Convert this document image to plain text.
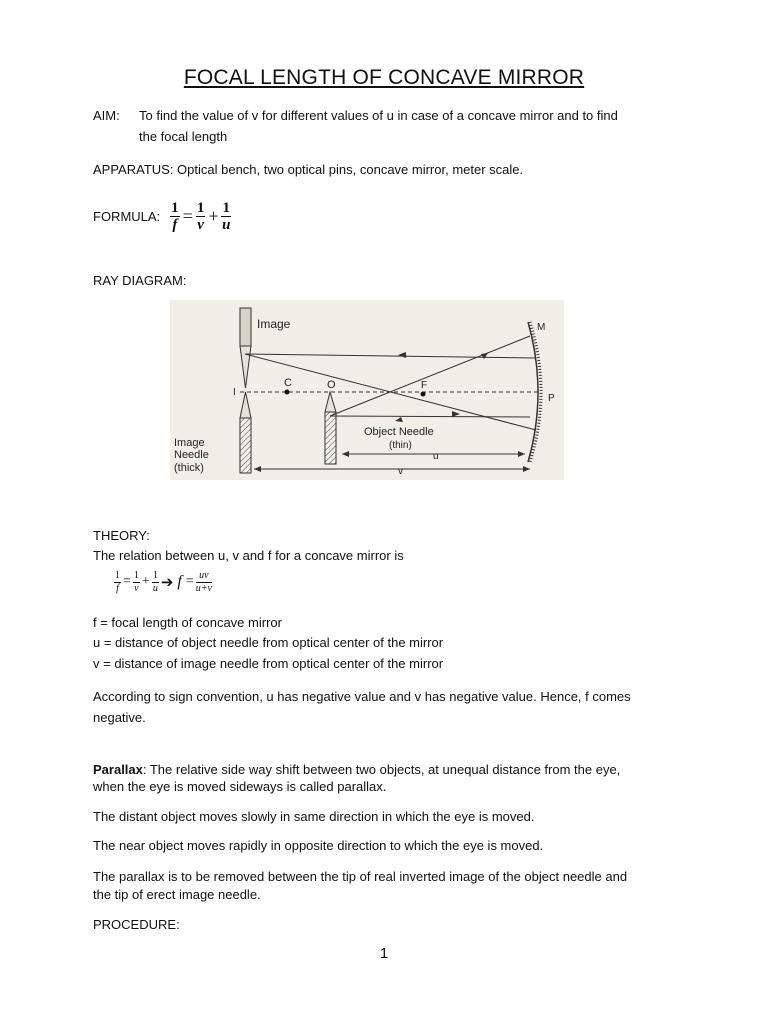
FOCAL LENGTH OF CONCAVE MIRROR
AIM: To find the value of v for different values of u in case of a concave mirror and to find
the focal length
APPARATUS: Optical bench, two optical pins, concave mirror, meter scale.
FORMULA: $\frac{1}{f} = \frac{1}{v} + \frac{1}{u}$
RAY DIAGRAM:
Image	M
C	O	F
P
I
Object Needle
(thin)
u
v
Image
Needle
(thick)
THEORY:
The relation between u, v and f for a concave mirror is
$\frac{1}{f} = \frac{1}{v} + \frac{1}{u}$ ➔ $f = \frac{uv}{u+v}$
f = focal length of concave mirror
u = distance of object needle from optical center of the mirror
v = distance of image needle from optical center of the mirror
According to sign convention, u has negative value and v has negative value. Hence, f comes
negative.
Parallax: The relative side way shift between two objects, at unequal distance from the eye,
when the eye is moved sideways is called parallax.
The distant object moves slowly in same direction in which the eye is moved.
The near object moves rapidly in opposite direction to which the eye is moved.
The parallax is to be removed between the tip of real inverted image of the object needle and
the tip of erect image needle.
PROCEDURE:
1
